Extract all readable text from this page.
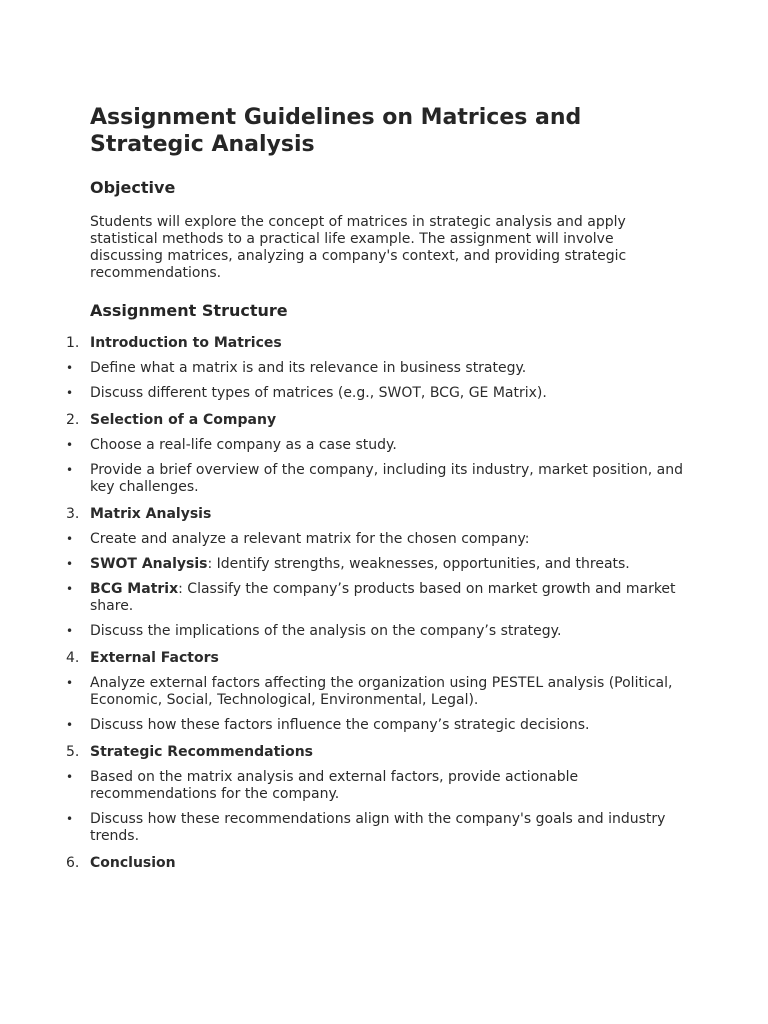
Assignment Guidelines on Matrices and Strategic Analysis
Objective

Students will explore the concept of matrices in strategic analysis and apply statistical methods to a practical life example. The assignment will involve discussing matrices, analyzing a company's context, and providing strategic recommendations.

Assignment Structure
1. Introduction to Matrices
• Define what a matrix is and its relevance in business strategy.
• Discuss different types of matrices (e.g., SWOT, BCG, GE Matrix).
2. Selection of a Company
• Choose a real-life company as a case study.
• Provide a brief overview of the company, including its industry, market position, and key challenges.
3. Matrix Analysis
• Create and analyze a relevant matrix for the chosen company:
• SWOT Analysis: Identify strengths, weaknesses, opportunities, and threats.
• BCG Matrix: Classify the company’s products based on market growth and market share.
• Discuss the implications of the analysis on the company’s strategy.
4. External Factors
• Analyze external factors affecting the organization using PESTEL analysis (Political, Economic, Social, Technological, Environmental, Legal).
• Discuss how these factors influence the company’s strategic decisions.
5. Strategic Recommendations
• Based on the matrix analysis and external factors, provide actionable recommendations for the company.
• Discuss how these recommendations align with the company's goals and industry trends.
6. Conclusion
